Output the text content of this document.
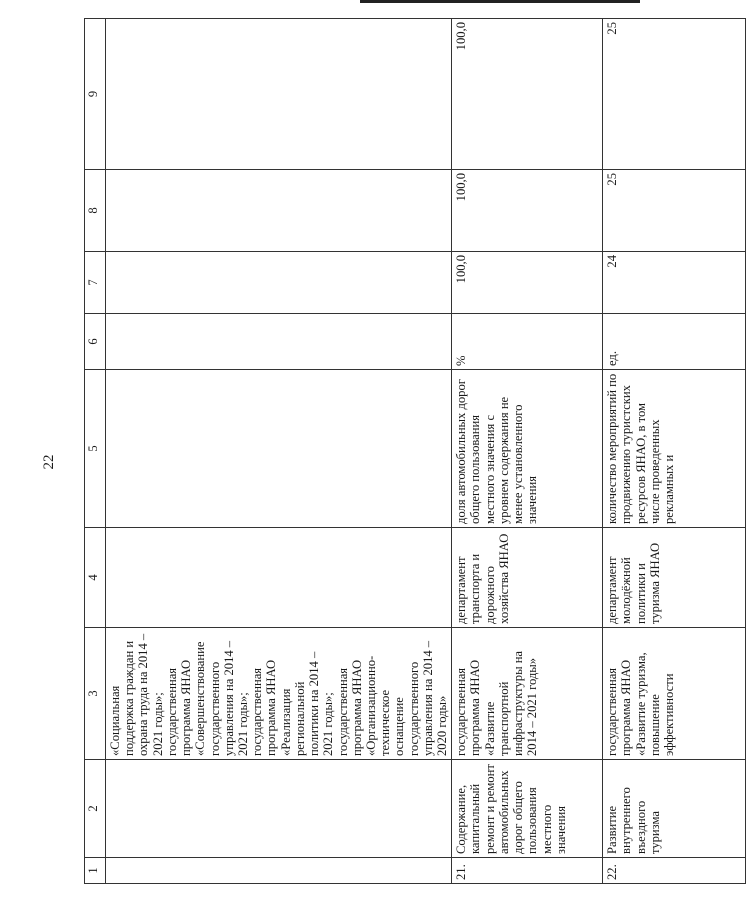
22
1	2	3	4	5	6	7	8	9
		«Социальная поддержка граждан и охрана труда на 2014 – 2021 годы»; государственная программа ЯНАО «Совершенствование государственного управления на 2014 – 2021 годы»; государственная программа ЯНАО «Реализация региональной политики на 2014 – 2021 годы»; государственная программа ЯНАО «Организационно-техническое оснащение государственного управления на 2014 – 2020 годы»						
21.	Содержание, капитальный ремонт и ремонт автомобильных дорог общего пользования местного значения	государственная программа ЯНАО «Развитие транспортной инфраструктуры на 2014 – 2021 годы»	департамент транспорта и дорожного хозяйства ЯНАО	доля автомобильных дорог общего пользования местного значения с уровнем содержания не менее установленного значения	%	100,0	100,0	100,0
22.	Развитие внутреннего въездного туризма	государственная программа ЯНАО «Развитие туризма, повышение эффективности	департамент молодёжной политики и туризма ЯНАО	количество мероприятий по продвижению туристских ресурсов ЯНАО, в том числе проведенных рекламных и	ед.	24	25	25
